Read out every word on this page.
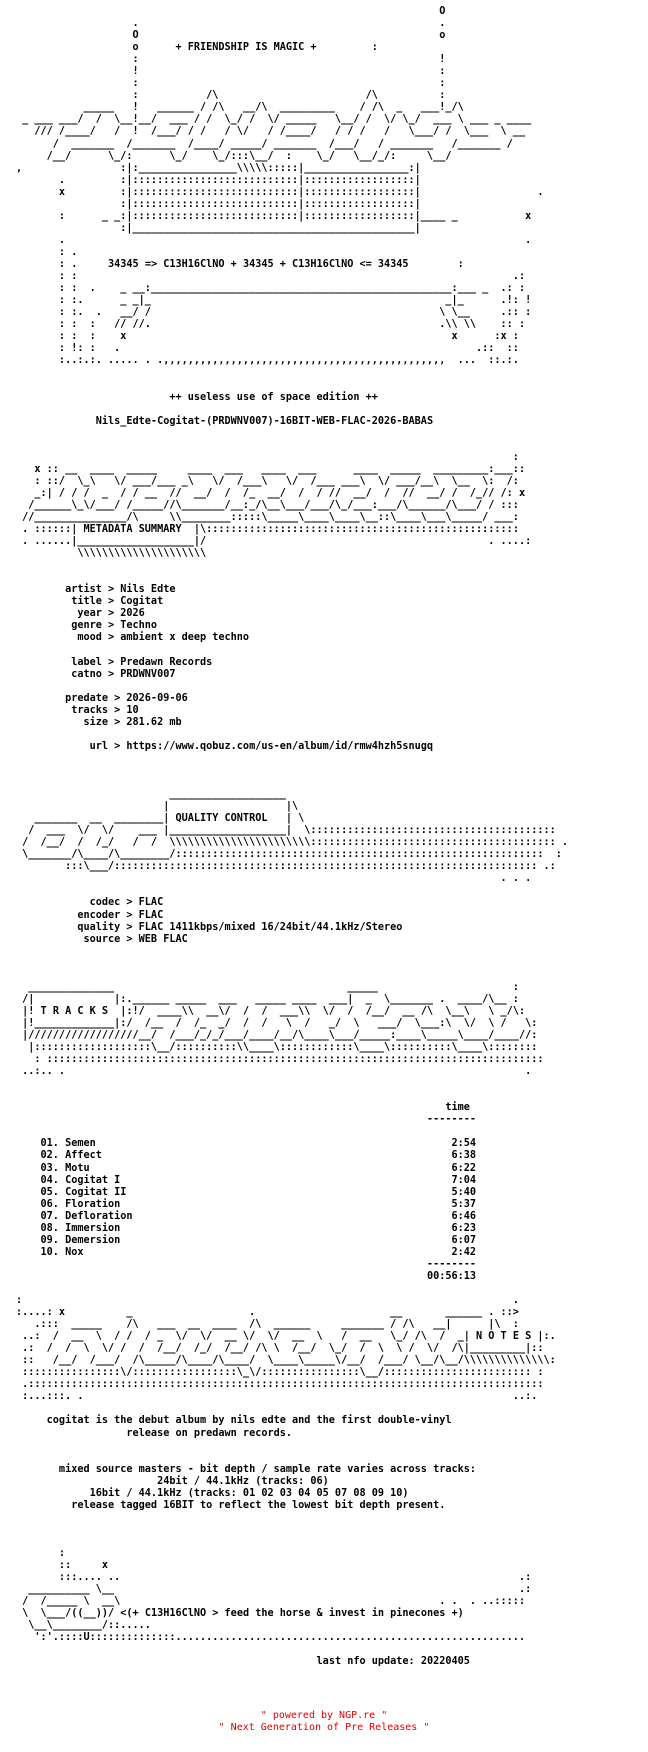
O
.                                                 .
O                                                 o
o	+ FRIENDSHIP IS MAGIC +	:
:                                                 !
!                                                 :
:                                                 :
:           /\                        /\          :
_____   !   ______ / /\   __/\  _________    / /\  _   ___!_/\
_ ___ ___/  /  \__!__/  ___ / /  \_/ /  \/ _____   \__/ /  \/ \_/  ___ \ ___ _ ____
/// /____/   /  !  /___/ / /   / \/   / /____/   / / /   /   \___/ /  \___  \ __
/  _______  /_______  /____/ _____/ _______  /___/   / _______   /_______ /
/__/      \_/:      \_/    \_/:::\__/  :    \_/   \__/_/:     \__/
,                :|:________________\\\\\:::::|_________________:|
.         :|:::::::::::::::::::::::::::|::::::::::::::::::|
x         :|:::::::::::::::::::::::::::|::::::::::::::::::|                   .
:|:::::::::::::::::::::::::::|::::::::::::::::::|
:      _ _:|:::::::::::::::::::::::::::|::::::::::::::::::|____ _           x
:|______________________________________________|
.                                                                           .
: .
: .     34345 => C13H16ClNO + 34345 + C13H16ClNO <= 34345        :
: :                                                                       .:
: :  .    _ __:_________________________________________________:___ _  .: :
: :.      _ _|_                                                _|_      .!: !
: :.  .   __/ /                                               \ \__     .:: :
: :  :   // //.                                               .\\ \\    :: :
: :  :    x                                                     x      :x :
: !: :   .                                                          .::  ::
:..:.:. ..... . .,,,,,,,,,,,,,,,,,,,,,,,,,,,,,,,,,,,,,,,,,,,,,,  ...  ::.:.

++ useless use of space edition ++

Nils_Edte-Cogitat-(PRDWNV007)-16BIT-WEB-FLAC-2026-BABAS

:
x :: __  ____  _____     ____  ___   ____  ___      ____  _____  _________:___::
: ::/  \_\   \/ ___/___ _\   \/  /___\   \/  /___ ___\  \/ ___/__\  \__  \:  /:
_:| / / /  _  / / __  //  __/  /  /_  __/  /  / //  __/  /  //  __/ /  /_// /: x
/______\_\/___/ /_____//\_______/__:_/\__\___/___/\_/___:___/\______/\___/ / :::
//_______________/\     \\________:::::\_____\____\____\__::\____\___\_____/ ___:
. ::::::| METADATA SUMMARY  |\:::::::::::::::::::::::::::::::::::::::::::::::::::
. ......|___________________|/                                              . ....:
\\\\\\\\\\\\\\\\\\\\\

artist > Nils Edte
title > Cogitat
year > 2026
genre > Techno
mood > ambient x deep techno

label > Predawn Records
catno > PRDWNV007

predate > 2026-09-06
tracks > 10
size > 281.62 mb

url > https://www.qobuz.com/us-en/album/id/rmw4hzh5snugq

___________________
|                   |\
_______  __  ________| QUALITY CONTROL   | \
/  ___  \/  \/    ___ |___________________|  \::::::::::::::::::::::::::::::::::::::::
/  /__/  /  /_/   /  /  \\\\\\\\\\\\\\\\\\\\\\\:::::::::::::::::::::::::::::::::::::::: .
\_______/\____/\________/::::::::::::::::::::::::::::::::::::::::::::::::::::::::::::  :
:::\___/::::::::::::::::::::::::::::::::::::::::::::::::::::::::::::::::::::: .:
. . .

codec > FLAC
encoder > FLAC
quality > FLAC 1411kbps/mixed 16/24bit/44.1kHz/Stereo
source > WEB FLAC

______________                                      _____                      :
/|             |:.______ _____  ___   _____ ____  ___|  _  \_______ .  ____/\__ :
|! T R A C K S  |:!/  ____\\  __\/  /  /  ___\\  \/  /  /__/  __ /\  \__\   \ _/\:
|!_____________|:/  /__  /  /_  _/  /  /   \  /   _/  \   ___/  \___:\  \/  \ /   \:
|//////////////////__/  /___/_/_/___/____/__/\____\___/_____:____\_____\____/____//:
|:::::::::::::::::::\__/::::::::::\\____\::::::::::::\____\::::::::::\____\::::::::
: :::::::::::::::::::::::::::::::::::::::::::::::::::::::::::::::::::::::::::::::::
..:.. .                                                                           .

time
--------

01. Semen                                                          2:54
02. Affect                                                         6:38
03. Motu                                                           6:22
04. Cogitat I                                                      7:04
05. Cogitat II                                                     5:40
06. Floration                                                      5:37
07. Defloration                                                    6:46
08. Immersion                                                      6:23
09. Demersion                                                      6:07
10. Nox                                                            2:42
--------
00:56:13

:                                                                                .
:....: x          _                   .                      __       ______ . ::>
.:::  _____    /\   ___  __  ____  /\  ______     _______ / /\   __|      |\  :
..:  /  __  \  / /  / _  \/  \/  __ \/  \/  __  \   /  __   \_/ /\  /  _| N O T E S |:.
.:  /  /  \  \/ /  /  /__/  /_/  /__/ /\ \  /__/  \_/  /  \  \ /  \/  /\|_________|::
::   /__/  /___/  /\_____/\____/\____/  \____\_____\/__/  /___/ \__/\__/\\\\\\\\\\\\\\:
::::::::::::::::\/:::::::::::::::::\_\/::::::::::::::::\__/:::::::::::::::::::::::: :
.::::::::::::::::::::::::::::::::::::::::::::::::::::::::::::::::::::::::::::::::::::
:...:::. .                                                                      ..:.

cogitat is the debut album by nils edte and the first double-vinyl
release on predawn records.

mixed source masters - bit depth / sample rate varies across tracks:
24bit / 44.1kHz (tracks: 06)
16bit / 44.1kHz (tracks: 01 02 03 04 05 07 08 09 10)
release tagged 16BIT to reflect the lowest bit depth present.

:
::     x
:::.... ..                                                                 .:
__________ \__                                                                  .:
/  /_____ \  __\                                                    . .  . ..:::::
\  \___/((__))/ <(+ C13H16ClNO > feed the horse & invest in pinecones +)
\__\________/::.....
':'.::::U::::::::::::::.........................................................

last nfo update: 20220405
" powered by NGP.re "
" Next Generation of Pre Releases "
